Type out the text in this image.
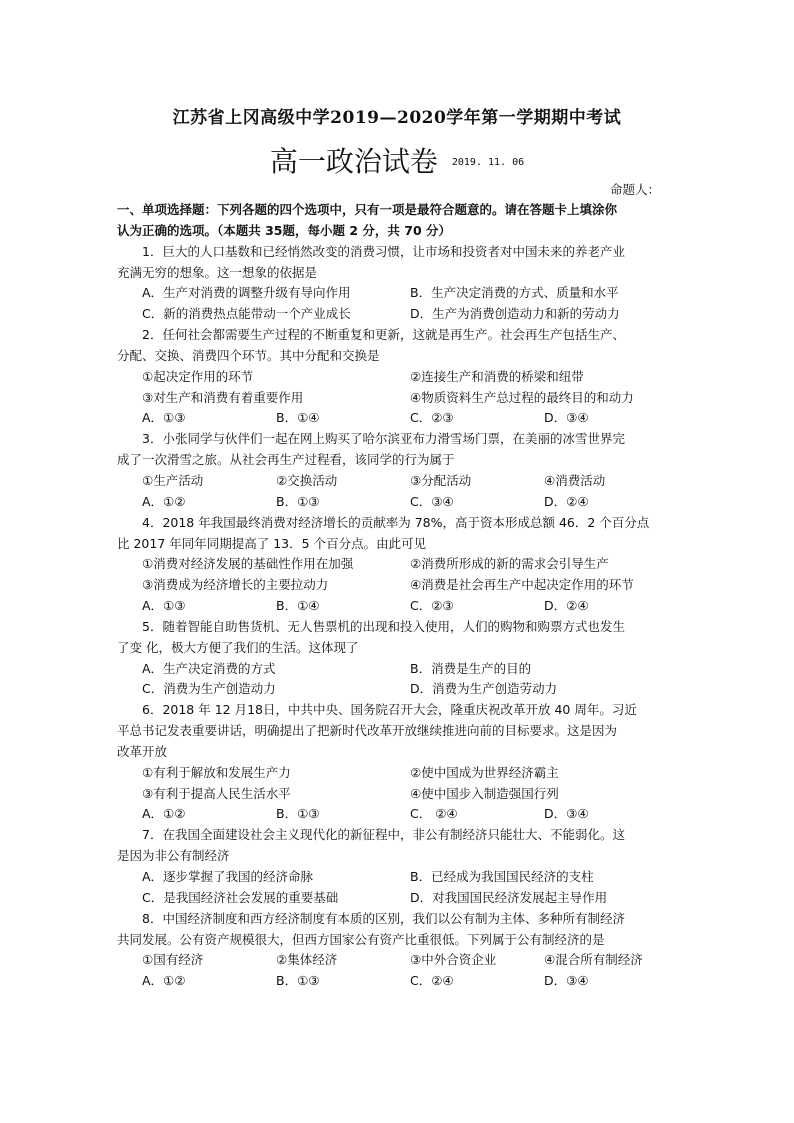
江苏省上冈高级中学2019—2020学年第一学期期中考试
高一政治试卷 $^{2019. 11. 06}$
命题人：

一、单项选择题：下列各题的四个选项中，只有一项是最符合题意的。请在答题卡上填涂你

认为正确的选项。（本题共 35题，每小题 2 分，共 70 分）

1．巨大的人口基数和已经悄然改变的消费习惯，让市场和投资者对中国未来的养老产业

充满无穷的想象。这一想象的依据是

A．生产对消费的调整升级有导向作用	B．生产决定消费的方式、质量和水平
C．新的消费热点能带动一个产业成长	D．生产为消费创造动力和新的劳动力

2．任何社会都需要生产过程的不断重复和更新，这就是再生产。社会再生产包括生产、

分配、交换、消费四个环节。其中分配和交换是

①起决定作用的环节	②连接生产和消费的桥梁和纽带
③对生产和消费有着重要作用	④物质资料生产总过程的最终目的和动力
A．①③	B．①④	C．②③	D．③④

3．小张同学与伙伴们一起在网上购买了哈尔滨亚布力滑雪场门票，在美丽的冰雪世界完

成了一次滑雪之旅。从社会再生产过程看，该同学的行为属于

①生产活动	②交换活动	③分配活动	④消费活动
A．①②	B．①③	C．③④	D．②④

4．2018 年我国最终消费对经济增长的贡献率为 78%，高于资本形成总额 46．2 个百分点

比 2017 年同年同期提高了 13．5 个百分点。由此可见

①消费对经济发展的基础性作用在加强	②消费所形成的新的需求会引导生产
③消费成为经济增长的主要拉动力	④消费是社会再生产中起决定作用的环节
A．①③	B．①④	C．②③	D．②④

5．随着智能自助售货机、无人售票机的出现和投入使用，人们的购物和购票方式也发生

了变 化，极大方便了我们的生活。这体现了

A．生产决定消费的方式	B．消费是生产的目的
C．消费为生产创造动力	D．消费为生产创造劳动力

6．2018 年 12 月18日，中共中央、国务院召开大会，隆重庆祝改革开放 40 周年。习近

平总书记发表重要讲话，明确提出了把新时代改革开放继续推进向前的目标要求。这是因为

改革开放

①有利于解放和发展生产力	②使中国成为世界经济霸主
③有利于提高人民生活水平	④使中国步入制造强国行列
A．①②	B．①③	C． ②④	D．③④

7．在我国全面建设社会主义现代化的新征程中，非公有制经济只能壮大、不能弱化。这

是因为非公有制经济

A．逐步掌握了我国的经济命脉	B．已经成为我国国民经济的支柱
C．是我国经济社会发展的重要基础	D．对我国国民经济发展起主导作用

8．中国经济制度和西方经济制度有本质的区别，我们以公有制为主体、多种所有制经济

共同发展。公有资产规模很大，但西方国家公有资产比重很低。下列属于公有制经济的是

①国有经济	②集体经济	③中外合资企业	④混合所有制经济
A．①②	B．①③	C．②④	D．③④
